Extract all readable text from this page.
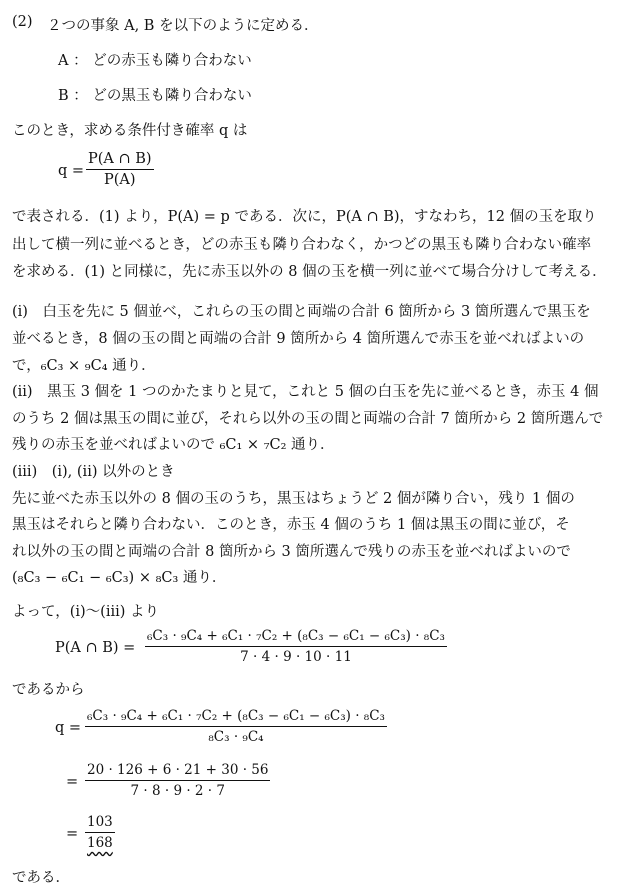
(2) ２つの事象 A, B を以下のように定める．
A ： どの赤玉も隣り合わない
B ： どの黒玉も隣り合わない
このとき，求める条件付き確率 q は
$q = \frac{P(A \cap B)}{P(A)}$
で表される．(1) より，P(A) = p である．次に，P(A ∩ B)，すなわち，12 個の玉を取り
出して横一列に並べるとき，どの赤玉も隣り合わなく，かつどの黒玉も隣り合わない確率
を求める．(1) と同様に，先に赤玉以外の 8 個の玉を横一列に並べて場合分けして考える．
(i)　白玉を先に 5 個並べ，これらの玉の間と両端の合計 6 箇所から 3 箇所選んで黒玉を
並べるとき，8 個の玉の間と両端の合計 9 箇所から 4 箇所選んで赤玉を並べればよいの
で，₆C₃ × ₉C₄ 通り．
(ii)　黒玉 3 個を 1 つのかたまりと見て，これと 5 個の白玉を先に並べるとき，赤玉 4 個
のうち 2 個は黒玉の間に並び，それら以外の玉の間と両端の合計 7 箇所から 2 箇所選んで
残りの赤玉を並べればよいので ₆C₁ × ₇C₂ 通り．
(iii)　(i), (ii) 以外のとき
先に並べた赤玉以外の 8 個の玉のうち，黒玉はちょうど 2 個が隣り合い，残り 1 個の
黒玉はそれらと隣り合わない．このとき，赤玉 4 個のうち 1 個は黒玉の間に並び，そ
れ以外の玉の間と両端の合計 8 箇所から 3 箇所選んで残りの赤玉を並べればよいので
(₈C₃ − ₆C₁ − ₆C₃) × ₈C₃ 通り．
よって，(i)〜(iii) より
P(A ∩ $B) = \frac{\text{₆C₃ · ₉C₄ + ₆C₁ · ₇C₂ + (₈C₃ − ₆C₁ − ₆C₃) · ₈C₃}}{7 \cdot 4 \cdot 9 \cdot 10 \cdot 11}$
であるから
$q = \frac{\text{₆C₃ · ₉C₄ + ₆C₁ · ₇C₂ + (₈C₃ − ₆C₁ − ₆C₃) · ₈C₃}}{\text{₈C₃ · ₉C₄}}$
= $\frac{20 \cdot 126 + 6 \cdot 21 + 30 \cdot 56}{7 \cdot 8 \cdot 9 \cdot 2 \cdot 7}$
= $\frac{103}{168}$
である．
